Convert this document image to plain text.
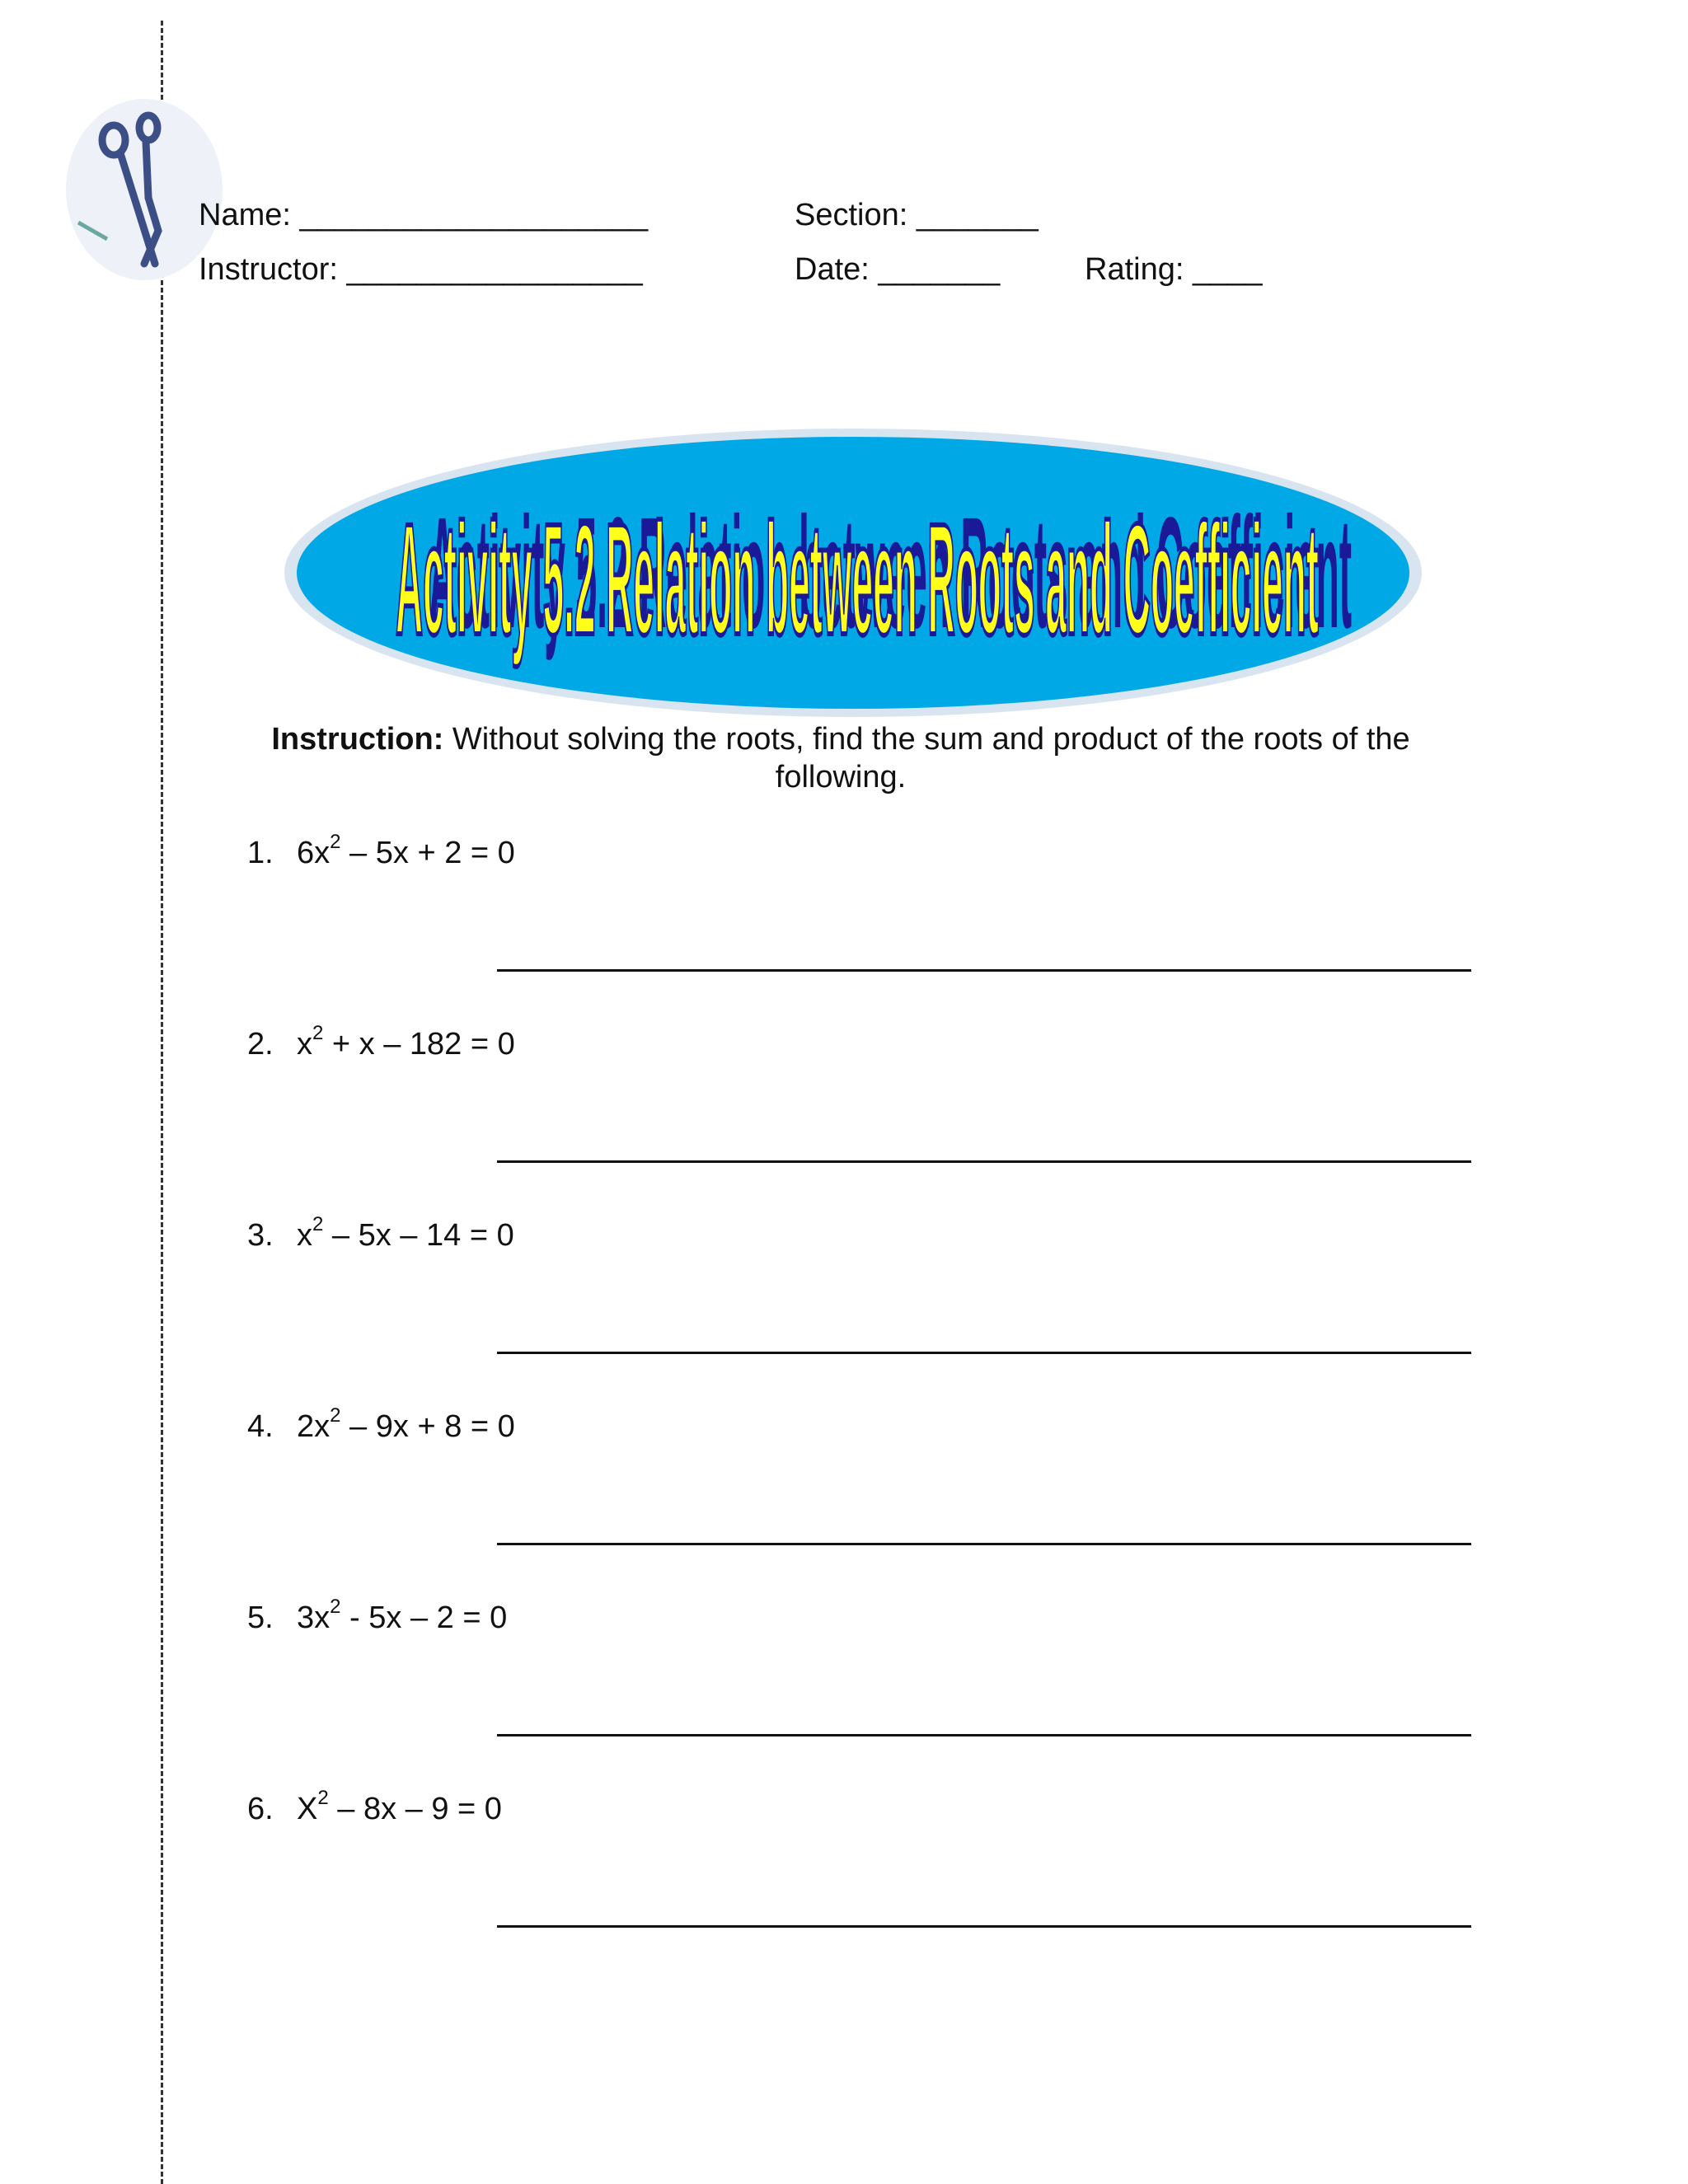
Name: ____________________	Section: _______
Instructor: _________________	Date: _______	Rating: ____
Activity 5.2 Relation between Roots and Coefficient
Activity 5.2 Relation between Roots and Coefficient
Instruction: Without solving the roots, find the sum and product of the roots of the following.
1. $6x^2 - 5x + 2 = 0$
2. $x^2 + x - 182 = 0$
3. $x^2 - 5x - 14 = 0$
4. $2x^2 - 9x + 8 = 0$
5. $3x^2 - 5x - 2 = 0$
6. $X^2 - 8x - 9 = 0$
